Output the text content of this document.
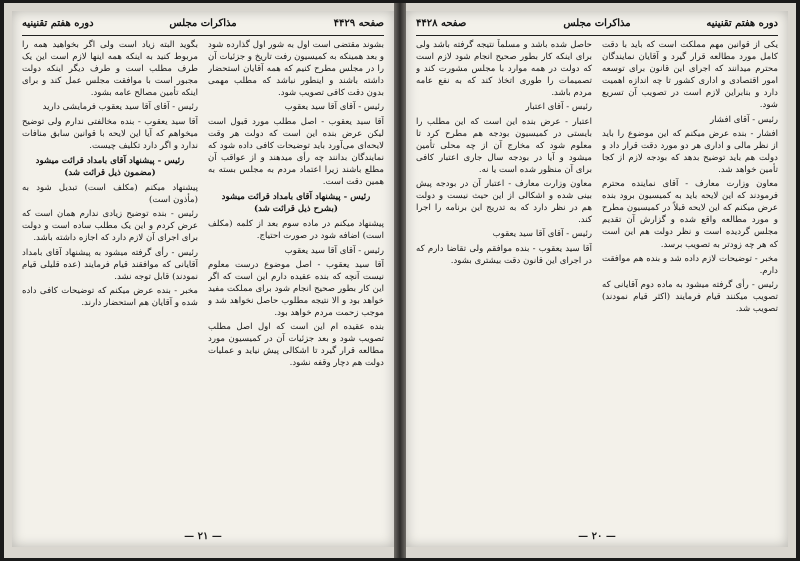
صفحه ۴۴۲۹
مذاکرات مجلس
دوره هفتم تقنینیه

بشوند مقتضی است اول به شور اول گذارده شود و بعد همینکه به کمیسیون رفت تاریخ و جزئیات آن را در مجلس مطرح کنیم که همه آقایان استحضار داشته باشند و اینطور نباشد که مطلب مهمی بدون دقت کافی تصویب شود.

رئیس - آقای آقا سید یعقوب

آقا سید یعقوب - اصل مطلب مورد قبول است لیکن عرض بنده این است که دولت هر وقت لایحه‌ای می‌آورد باید توضیحات کافی داده شود که نمایندگان بدانند چه رأی میدهند و از عواقب آن مطلع باشند زیرا اعتماد مردم به مجلس بسته به همین دقت است.

رئیس - پیشنهاد آقای بامداد قرائت میشود (بشرح ذیل قرائت شد)

پیشنهاد میکنم در ماده سوم بعد از کلمه (مکلف است) اضافه شود در صورت احتیاج.

رئیس - آقای آقا سید یعقوب

آقا سید یعقوب - اصل موضوع درست معلوم نیست آنچه که بنده عقیده دارم این است که اگر این کار بطور صحیح انجام شود برای مملکت مفید خواهد بود و الا نتیجه مطلوب حاصل نخواهد شد و موجب زحمت مردم خواهد بود.

بنده عقیده ام این است که اول اصل مطلب تصویب شود و بعد جزئیات آن در کمیسیون مورد مطالعه قرار گیرد تا اشکالی پیش نیاید و عملیات دولت هم دچار وقفه نشود.

بگوید البته زیاد است ولی اگر بخواهید همه را مربوط کنید به اینکه همه اینها لازم است این یک طرف مطلب است و طرف دیگر اینکه دولت مجبور است با موافقت مجلس عمل کند و برای اینکه تأمین مصالح عامه بشود.

رئیس - آقای آقا سید یعقوب فرمایشی دارید

آقا سید یعقوب - بنده مخالفتی ندارم ولی توضیح میخواهم که آیا این لایحه با قوانین سابق منافات ندارد و اگر دارد تکلیف چیست.

رئیس - پیشنهاد آقای بامداد قرائت میشود (مضمون ذیل قرائت شد)

پیشنهاد میکنم (مکلف است) تبدیل شود به (مأذون است)

رئیس - بنده توضیح زیادی ندارم همان است که عرض کردم و این یک مطلب ساده است و دولت برای اجرای آن لازم دارد که اجازه داشته باشد.

رئیس - رأی گرفته میشود به پیشنهاد آقای بامداد آقایانی که موافقند قیام فرمایند (عده قلیلی قیام نمودند) قابل توجه نشد.

مخبر - بنده عرض میکنم که توضیحات کافی داده شده و آقایان هم استحضار دارند.

— ۲۱ —
دوره هفتم تقنینیه
مذاکرات مجلس
صفحه ۴۴۲۸

یکی از قوانین مهم مملکت است که باید با دقت کامل مورد مطالعه قرار گیرد و آقایان نمایندگان محترم میدانند که اجرای این قانون برای توسعه امور اقتصادی و اداری کشور تا چه اندازه اهمیت دارد و بنابراین لازم است در تصویب آن تسریع شود.

رئیس - آقای افشار

افشار - بنده عرض میکنم که این موضوع را باید از نظر مالی و اداری هر دو مورد دقت قرار داد و دولت هم باید توضیح بدهد که بودجه لازم از کجا تأمین خواهد شد.

معاون وزارت معارف - آقای نماینده محترم فرمودند که این لایحه باید به کمیسیون برود بنده عرض میکنم که این لایحه قبلاً در کمیسیون مطرح و مورد مطالعه واقع شده و گزارش آن تقدیم مجلس گردیده است و نظر دولت هم این است که هر چه زودتر به تصویب برسد.

مخبر - توضیحات لازم داده شد و بنده هم موافقت دارم.

رئیس - رأی گرفته میشود به ماده دوم آقایانی که تصویب میکنند قیام فرمایند (اکثر قیام نمودند) تصویب شد.

حاصل شده باشد و مسلماً نتیجه گرفته باشد ولی برای اینکه کار بطور صحیح انجام شود لازم است که دولت در همه موارد با مجلس مشورت کند و تصمیمات را طوری اتخاذ کند که به نفع عامه مردم باشد.

رئیس - آقای اعتبار

اعتبار - عرض بنده این است که این مطلب را بایستی در کمیسیون بودجه هم مطرح کرد تا معلوم شود که مخارج آن از چه محلی تأمین میشود و آیا در بودجه سال جاری اعتبار کافی برای آن منظور شده است یا نه.

معاون وزارت معارف - اعتبار آن در بودجه پیش بینی شده و اشکالی از این حیث نیست و دولت هم در نظر دارد که به تدریج این برنامه را اجرا کند.

رئیس - آقای آقا سید یعقوب

آقا سید یعقوب - بنده موافقم ولی تقاضا دارم که در اجرای این قانون دقت بیشتری بشود.

— ۲۰ —
